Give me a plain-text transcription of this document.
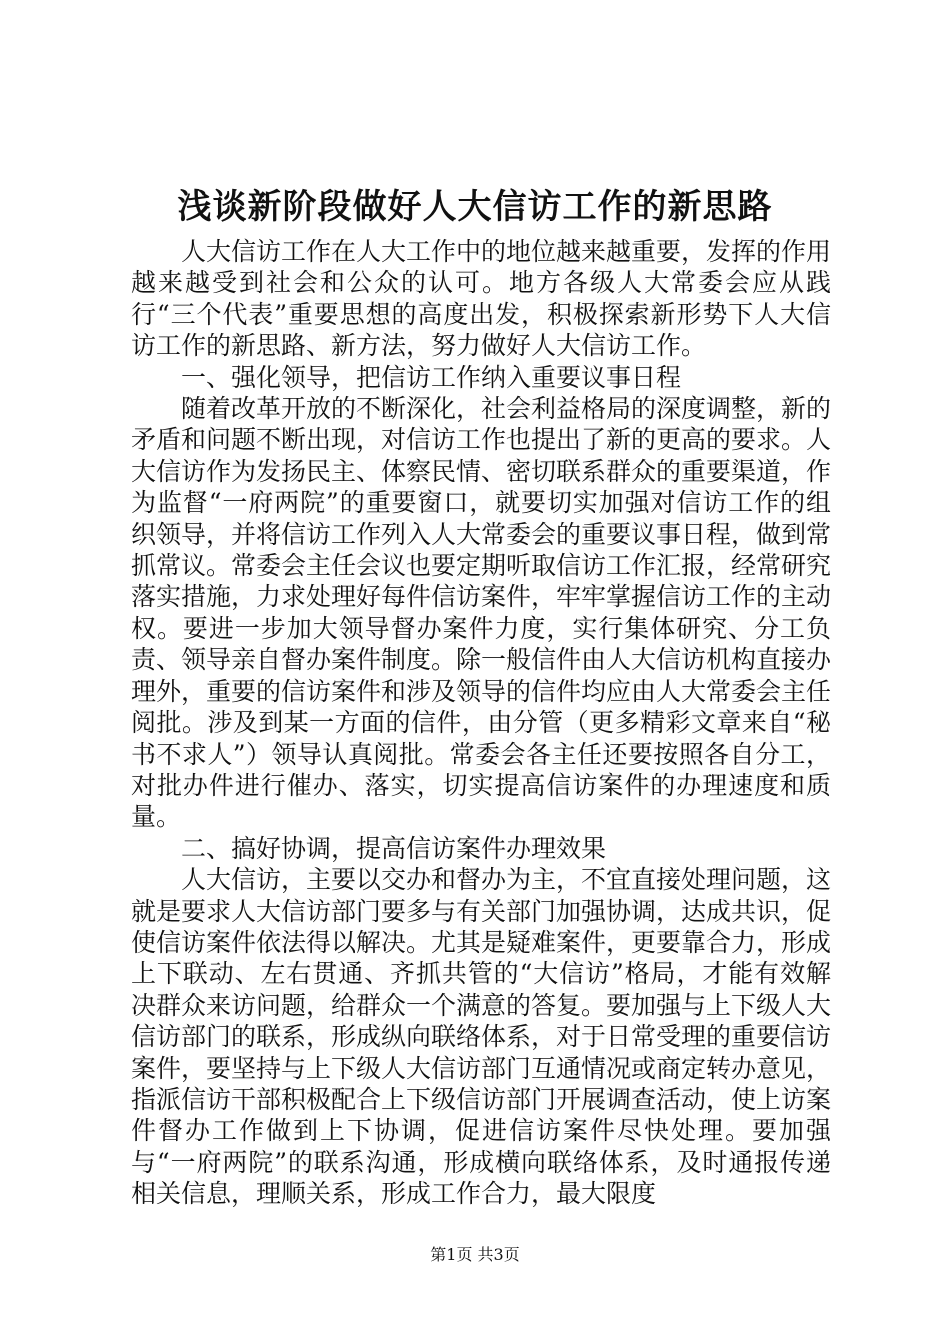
浅谈新阶段做好人大信访工作的新思路

人大信访工作在人大工作中的地位越来越重要，发挥的作用越来越受到社会和公众的认可。地方各级人大常委会应从践行“三个代表”重要思想的高度出发，积极探索新形势下人大信访工作的新思路、新方法，努力做好人大信访工作。

一、强化领导，把信访工作纳入重要议事日程

随着改革开放的不断深化，社会利益格局的深度调整，新的矛盾和问题不断出现，对信访工作也提出了新的更高的要求。人大信访作为发扬民主、体察民情、密切联系群众的重要渠道，作为监督“一府两院”的重要窗口，就要切实加强对信访工作的组织领导，并将信访工作列入人大常委会的重要议事日程，做到常抓常议。常委会主任会议也要定期听取信访工作汇报，经常研究落实措施，力求处理好每件信访案件，牢牢掌握信访工作的主动权。要进一步加大领导督办案件力度，实行集体研究、分工负责、领导亲自督办案件制度。除一般信件由人大信访机构直接办理外，重要的信访案件和涉及领导的信件均应由人大常委会主任阅批。涉及到某一方面的信件，由分管（更多精彩文章来自“秘书不求人”）领导认真阅批。常委会各主任还要按照各自分工，对批办件进行催办、落实，切实提高信访案件的办理速度和质量。

二、搞好协调，提高信访案件办理效果

人大信访，主要以交办和督办为主，不宜直接处理问题，这就是要求人大信访部门要多与有关部门加强协调，达成共识，促使信访案件依法得以解决。尤其是疑难案件，更要靠合力，形成上下联动、左右贯通、齐抓共管的“大信访”格局，才能有效解决群众来访问题，给群众一个满意的答复。要加强与上下级人大信访部门的联系，形成纵向联络体系，对于日常受理的重要信访案件，要坚持与上下级人大信访部门互通情况或商定转办意见，指派信访干部积极配合上下级信访部门开展调查活动，使上访案件督办工作做到上下协调，促进信访案件尽快处理。要加强与“一府两院”的联系沟通，形成横向联络体系，及时通报传递相关信息，理顺关系，形成工作合力，最大限度

第1页 共3页
